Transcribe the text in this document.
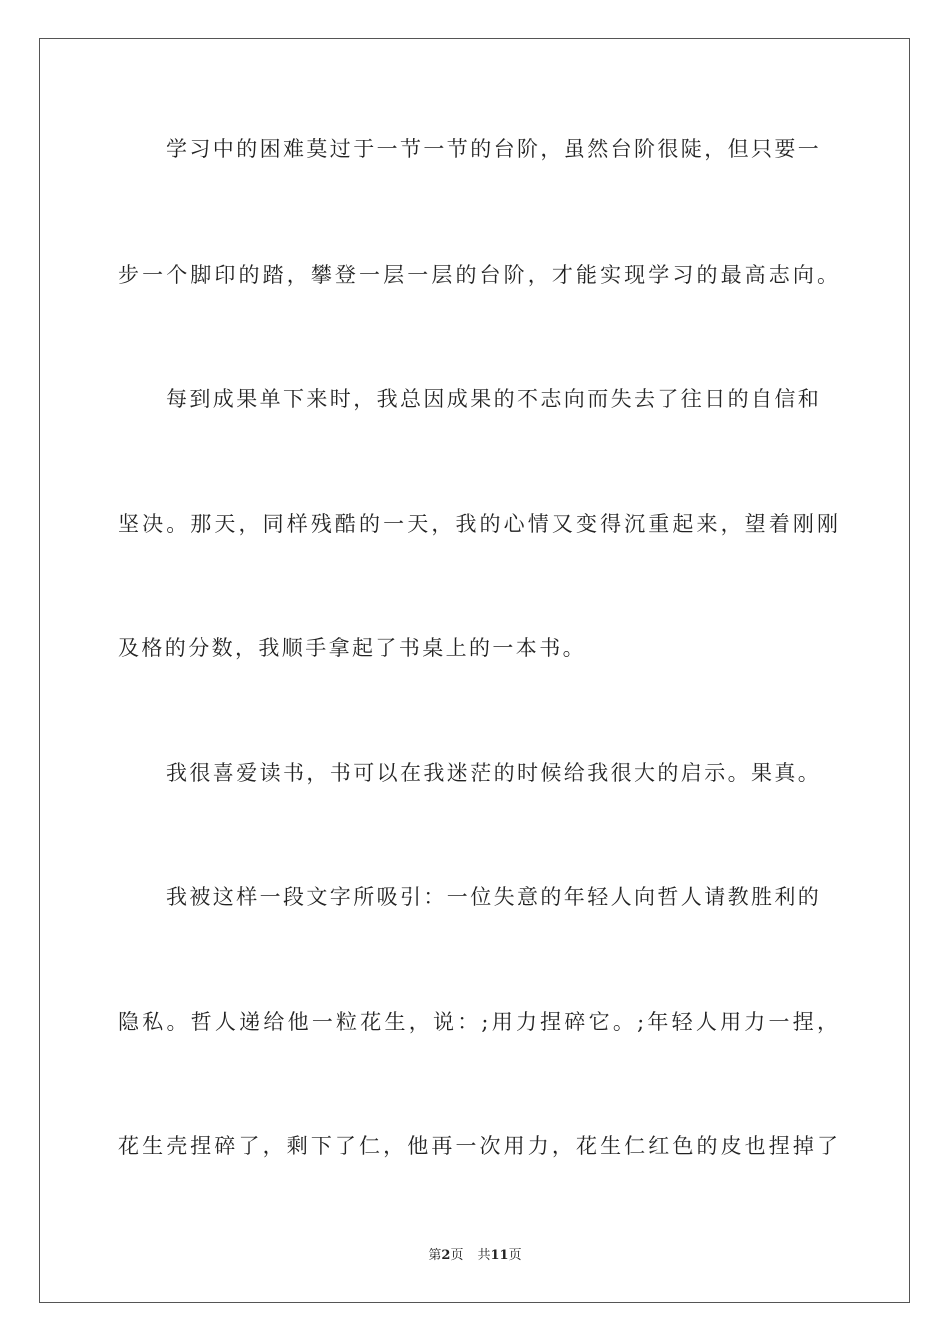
学习中的困难莫过于一节一节的台阶，虽然台阶很陡，但只要一
步一个脚印的踏，攀登一层一层的台阶，才能实现学习的最高志向。
每到成果单下来时，我总因成果的不志向而失去了往日的自信和
坚决。那天，同样残酷的一天，我的心情又变得沉重起来，望着刚刚
及格的分数，我顺手拿起了书桌上的一本书。
我很喜爱读书，书可以在我迷茫的时候给我很大的启示。果真。
我被这样一段文字所吸引：一位失意的年轻人向哲人请教胜利的
隐私。哲人递给他一粒花生，说：;用力捏碎它。;年轻人用力一捏，
花生壳捏碎了，剩下了仁，他再一次用力，花生仁红色的皮也捏掉了
第2页 共11页
